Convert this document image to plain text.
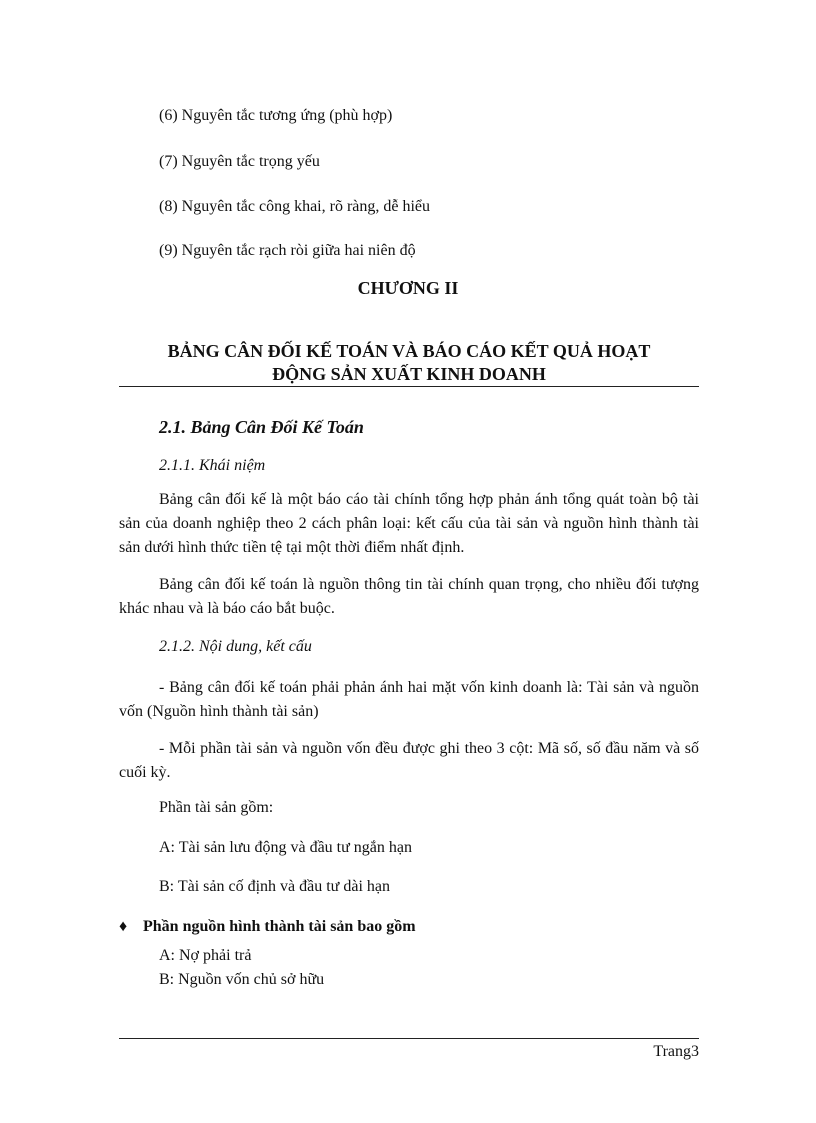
(6) Nguyên tắc tương ứng (phù hợp)
(7) Nguyên tắc trọng yếu
(8) Nguyên tắc công khai, rõ ràng, dễ hiểu
(9) Nguyên tắc rạch ròi giữa hai niên độ
CHƯƠNG II
BẢNG CÂN ĐỐI KẾ TOÁN VÀ BÁO CÁO KẾT QUẢ HOẠT
ĐỘNG SẢN XUẤT KINH DOANH
2.1. Bảng Cân Đối Kế Toán
2.1.1. Khái niệm
Bảng cân đối kế là một báo cáo tài chính tổng hợp phản ánh tổng quát toàn bộ tài sản của doanh nghiệp theo 2 cách phân loại: kết cấu của tài sản và nguồn hình thành tài sản dưới hình thức tiền tệ tại một thời điểm nhất định.
Bảng cân đối kế toán là nguồn thông tin tài chính quan trọng, cho nhiều đối tượng khác nhau và là báo cáo bắt buộc.
2.1.2. Nội dung, kết cấu
- Bảng cân đối kế toán phải phản ánh hai mặt vốn kinh doanh là: Tài sản và nguồn vốn (Nguồn hình thành tài sản)
- Mỗi phần tài sản và nguồn vốn đều được ghi theo 3 cột: Mã số, số đầu năm và số cuối kỳ.
Phần tài sản gồm:
A: Tài sản lưu động và đầu tư ngắn hạn
B: Tài sản cố định và đầu tư dài hạn
♦ Phần nguồn hình thành tài sản bao gồm
A: Nợ phải trả
B: Nguồn vốn chủ sở hữu
Trang3
